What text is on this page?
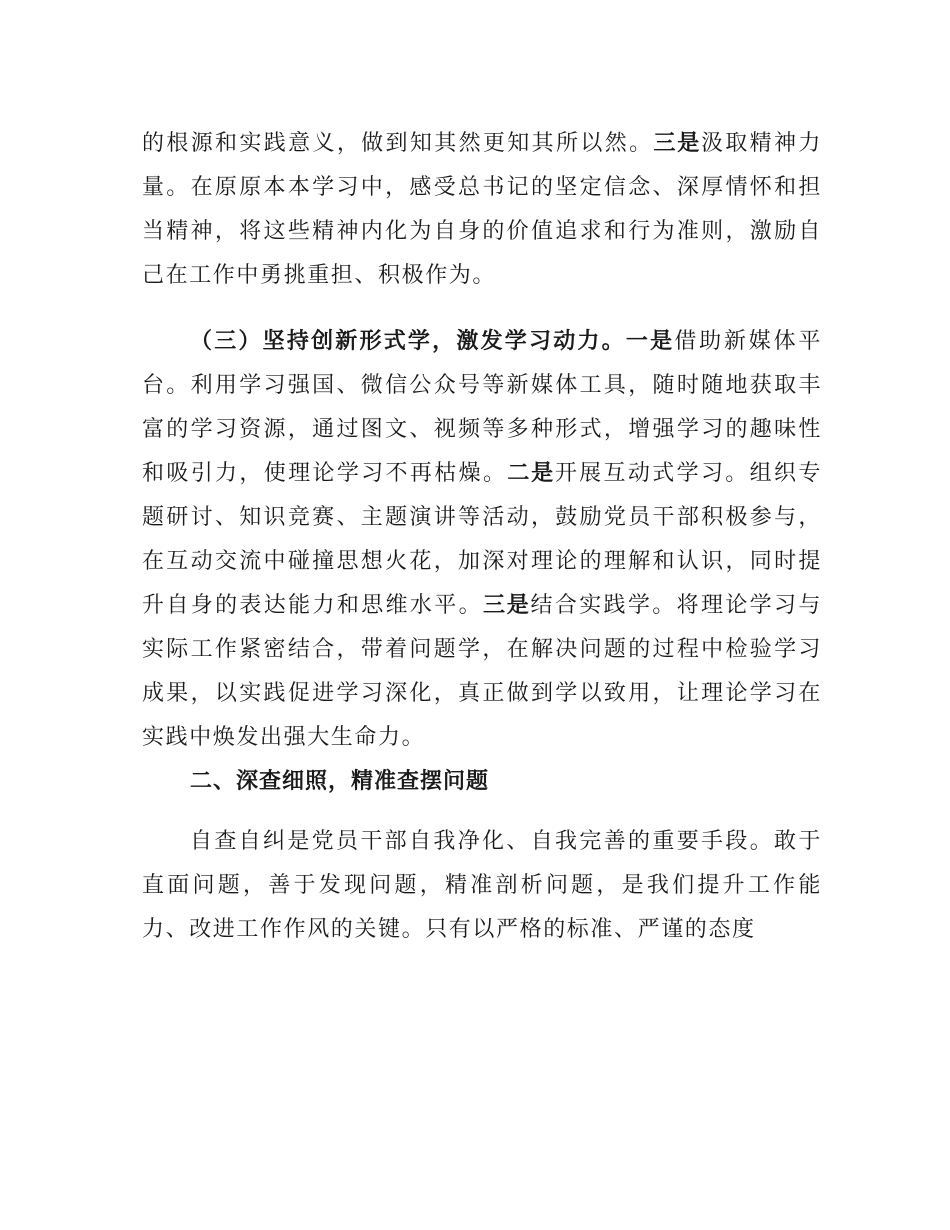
的根源和实践意义，做到知其然更知其所以然。三是汲取精神力量。在原原本本学习中，感受总书记的坚定信念、深厚情怀和担当精神，将这些精神内化为自身的价值追求和行为准则，激励自己在工作中勇挑重担、积极作为。

（三）坚持创新形式学，激发学习动力。一是借助新媒体平台。利用学习强国、微信公众号等新媒体工具，随时随地获取丰富的学习资源，通过图文、视频等多种形式，增强学习的趣味性和吸引力，使理论学习不再枯燥。二是开展互动式学习。组织专题研讨、知识竞赛、主题演讲等活动，鼓励党员干部积极参与，在互动交流中碰撞思想火花，加深对理论的理解和认识，同时提升自身的表达能力和思维水平。三是结合实践学。将理论学习与实际工作紧密结合，带着问题学，在解决问题的过程中检验学习成果，以实践促进学习深化，真正做到学以致用，让理论学习在实践中焕发出强大生命力。

二、深查细照，精准查摆问题

自查自纠是党员干部自我净化、自我完善的重要手段。敢于直面问题，善于发现问题，精准剖析问题，是我们提升工作能力、改进工作作风的关键。只有以严格的标准、严谨的态度
